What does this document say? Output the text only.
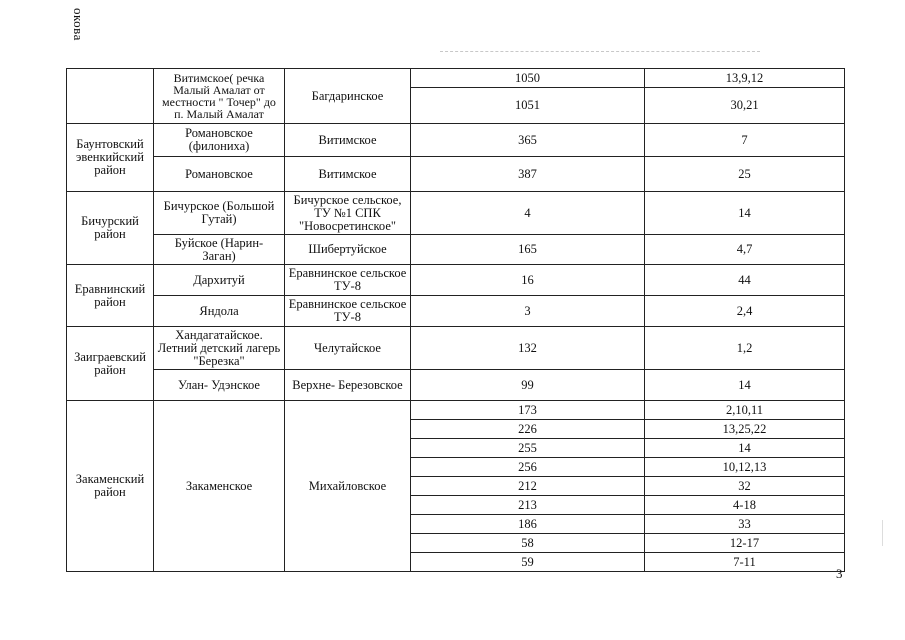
окова
	Витимское( речка Малый Амалат от местности " Точер" до п. Малый Амалат	Багдаринское	1050	13,9,12
			1051	30,21
Баунтовский эвенкийский район	Романовское (филониха)	Витимское	365	7
	Романовское	Витимское	387	25
Бичурский район	Бичурское (Большой Гутай)	Бичурское сельское, ТУ №1 СПК "Новосретинское"	4	14
	Буйское (Нарин- Заган)	Шибертуйское	165	4,7
Еравнинский район	Дархитуй	Еравнинское сельское ТУ-8	16	44
	Яндола	Еравнинское сельское ТУ-8	3	2,4
Заиграевский район	Хандагатайское. Летний детский лагерь "Березка"	Челутайское	132	1,2
	Улан- Удэнское	Верхне- Березовское	99	14
Закаменский район	Закаменское	Михайловское	173	2,10,11
			226	13,25,22
			255	14
			256	10,12,13
			212	32
			213	4-18
			186	33
			58	12-17
			59	7-11
3
